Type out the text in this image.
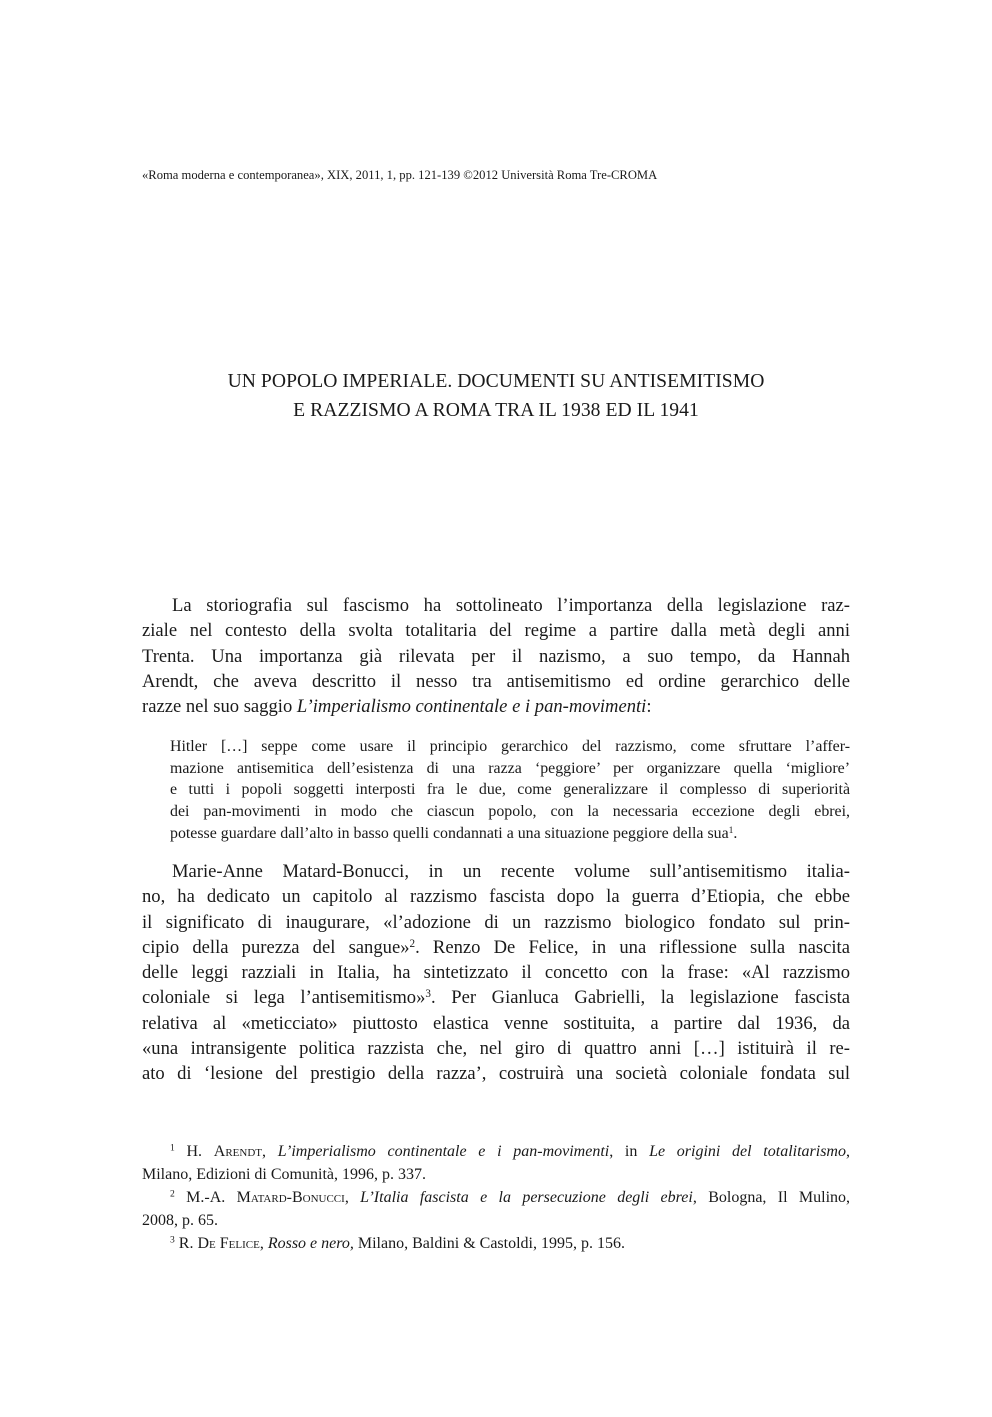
«Roma moderna e contemporanea», XIX, 2011, 1, pp. 121-139 ©2012 Università Roma Tre-CROMA
UN POPOLO IMPERIALE. DOCUMENTI SU ANTISEMITISMO
E RAZZISMO A ROMA TRA IL 1938 ED IL 1941
La storiografia sul fascismo ha sottolineato l’importanza della legislazione raz-
ziale nel contesto della svolta totalitaria del regime a partire dalla metà degli anni
Trenta. Una importanza già rilevata per il nazismo, a suo tempo, da Hannah
Arendt, che aveva descritto il nesso tra antisemitismo ed ordine gerarchico delle
razze nel suo saggio L’imperialismo continentale e i pan-movimenti:
Hitler […] seppe come usare il principio gerarchico del razzismo, come sfruttare l’affer-
mazione antisemitica dell’esistenza di una razza ‘peggiore’ per organizzare quella ‘migliore’
e tutti i popoli soggetti interposti fra le due, come generalizzare il complesso di superiorità
dei pan-movimenti in modo che ciascun popolo, con la necessaria eccezione degli ebrei,
potesse guardare dall’alto in basso quelli condannati a una situazione peggiore della sua$^1$.
Marie-Anne Matard-Bonucci, in un recente volume sull’antisemitismo italia-
no, ha dedicato un capitolo al razzismo fascista dopo la guerra d’Etiopia, che ebbe
il significato di inaugurare, «l’adozione di un razzismo biologico fondato sul prin-
cipio della purezza del sangue»$^2$. Renzo De Felice, in una riflessione sulla nascita
delle leggi razziali in Italia, ha sintetizzato il concetto con la frase: «Al razzismo
coloniale si lega l’antisemitismo»$^3$. Per Gianluca Gabrielli, la legislazione fascista
relativa al «meticciato» piuttosto elastica venne sostituita, a partire dal 1936, da
«una intransigente politica razzista che, nel giro di quattro anni […] istituirà il re-
ato di ‘lesione del prestigio della razza’, costruirà una società coloniale fondata sul
$^1$ H. Arendt, L’imperialismo continentale e i pan-movimenti, in Le origini del totalitarismo,
Milano, Edizioni di Comunità, 1996, p. 337.
$^2$ M.-A. Matard-Bonucci, L’Italia fascista e la persecuzione degli ebrei, Bologna, Il Mulino,
2008, p. 65.
$^3$ R. De Felice, Rosso e nero, Milano, Baldini & Castoldi, 1995, p. 156.
